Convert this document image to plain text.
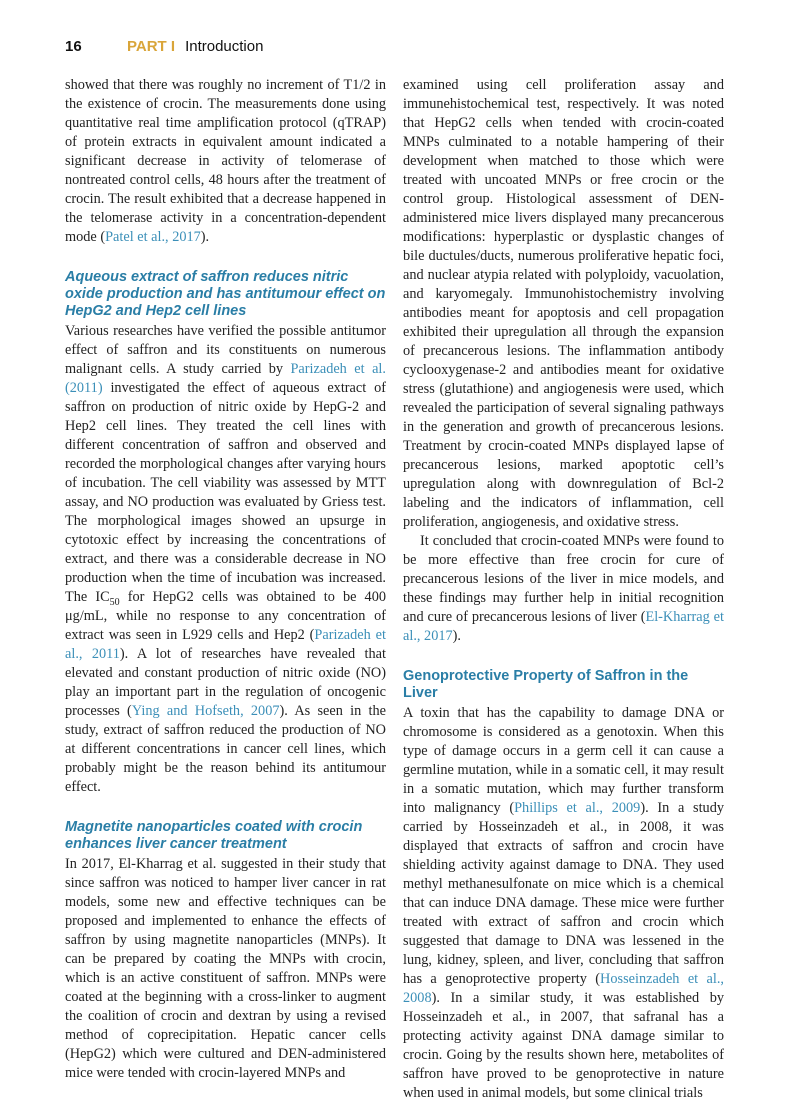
16	PART I Introduction

showed that there was roughly no increment of T1/2 in the existence of crocin. The measurements done using quantitative real time amplification protocol (qTRAP) of protein extracts in equivalent amount indicated a significant decrease in activity of telomerase of nontreated control cells, 48 hours after the treatment of crocin. The result exhibited that a decrease happened in the telomerase activity in a concentration-dependent mode (Patel et al., 2017).

Aqueous extract of saffron reduces nitric oxide production and has antitumour effect on HepG2 and Hep2 cell lines

Various researches have verified the possible antitumor effect of saffron and its constituents on numerous malignant cells. A study carried by Parizadeh et al. (2011) investigated the effect of aqueous extract of saffron on production of nitric oxide by HepG-2 and Hep2 cell lines. They treated the cell lines with different concentration of saffron and observed and recorded the morphological changes after varying hours of incubation. The cell viability was assessed by MTT assay, and NO production was evaluated by Griess test. The morphological images showed an upsurge in cytotoxic effect by increasing the concentrations of extract, and there was a considerable decrease in NO production when the time of incubation was increased. The $IC_{50}$ for HepG2 cells was obtained to be 400 μg/mL, while no response to any concentration of extract was seen in L929 cells and Hep2 (Parizadeh et al., 2011). A lot of researches have revealed that elevated and constant production of nitric oxide (NO) play an important part in the regulation of oncogenic processes (Ying and Hofseth, 2007). As seen in the study, extract of saffron reduced the production of NO at different concentrations in cancer cell lines, which probably might be the reason behind its antitumour effect.

Magnetite nanoparticles coated with crocin enhances liver cancer treatment

In 2017, El-Kharrag et al. suggested in their study that since saffron was noticed to hamper liver cancer in rat models, some new and effective techniques can be proposed and implemented to enhance the effects of saffron by using magnetite nanoparticles (MNPs). It can be prepared by coating the MNPs with crocin, which is an active constituent of saffron. MNPs were coated at the beginning with a cross-linker to augment the coalition of crocin and dextran by using a revised method of coprecipitation. Hepatic cancer cells (HepG2) which were cultured and DEN-administered mice were tended with crocin-layered MNPs and

examined using cell proliferation assay and immunehistochemical test, respectively. It was noted that HepG2 cells when tended with crocin-coated MNPs culminated to a notable hampering of their development when matched to those which were treated with uncoated MNPs or free crocin or the control group. Histological assessment of DEN-administered mice livers displayed many precancerous modifications: hyperplastic or dysplastic changes of bile ductules/ducts, numerous proliferative hepatic foci, and nuclear atypia related with polyploidy, vacuolation, and karyomegaly. Immunohistochemistry involving antibodies meant for apoptosis and cell propagation exhibited their upregulation all through the expansion of precancerous lesions. The inflammation antibody cyclooxygenase-2 and antibodies meant for oxidative stress (glutathione) and angiogenesis were used, which revealed the participation of several signaling pathways in the generation and growth of precancerous lesions. Treatment by crocin-coated MNPs displayed lapse of precancerous lesions, marked apoptotic cell’s upregulation along with downregulation of Bcl-2 labeling and the indicators of inflammation, cell proliferation, angiogenesis, and oxidative stress.

It concluded that crocin-coated MNPs were found to be more effective than free crocin for cure of precancerous lesions of the liver in mice models, and these findings may further help in initial recognition and cure of precancerous lesions of liver (El-Kharrag et al., 2017).

Genoprotective Property of Saffron in the Liver

A toxin that has the capability to damage DNA or chromosome is considered as a genotoxin. When this type of damage occurs in a germ cell it can cause a germline mutation, while in a somatic cell, it may result in a somatic mutation, which may further transform into malignancy (Phillips et al., 2009). In a study carried by Hosseinzadeh et al., in 2008, it was displayed that extracts of saffron and crocin have shielding activity against damage to DNA. They used methyl methanesulfonate on mice which is a chemical that can induce DNA damage. These mice were further treated with extract of saffron and crocin which suggested that damage to DNA was lessened in the lung, kidney, spleen, and liver, concluding that saffron has a genoprotective property (Hosseinzadeh et al., 2008). In a similar study, it was established by Hosseinzadeh et al., in 2007, that safranal has a protecting activity against DNA damage similar to crocin. Going by the results shown here, metabolites of saffron have proved to be genoprotective in nature when used in animal models, but some clinical trials
